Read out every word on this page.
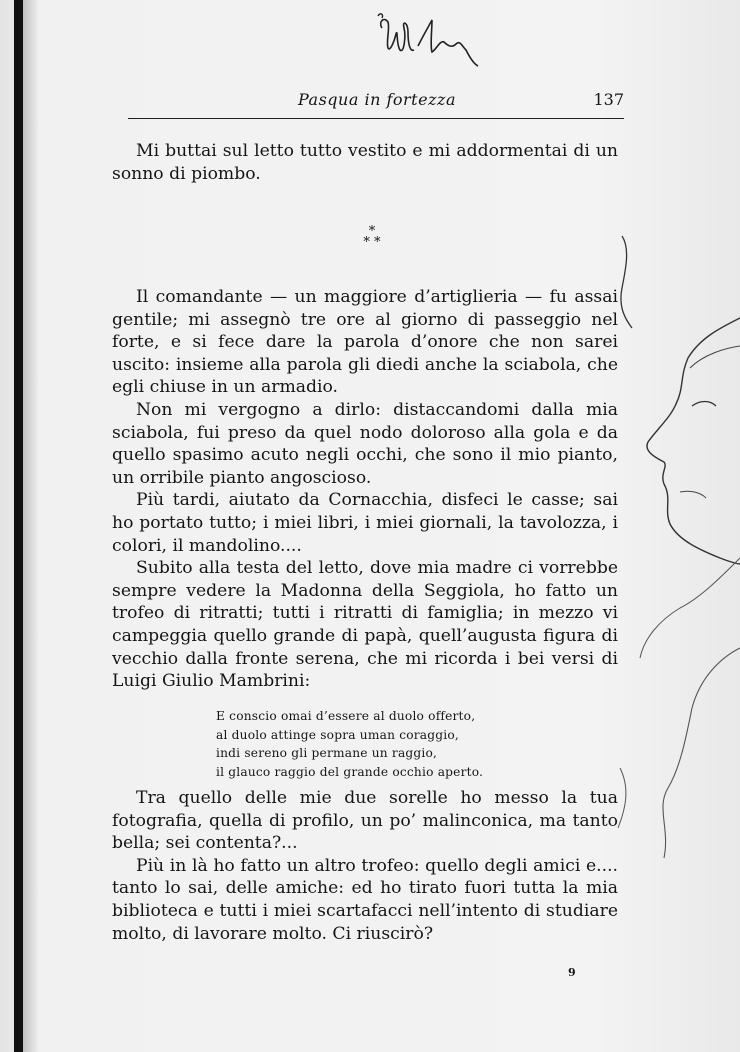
Pasqua in fortezza	137

Mi buttai sul letto tutto vestito e mi addormentai di un sonno di piombo.

*
* *

Il comandante — un maggiore d’artiglieria — fu assai gentile; mi assegnò tre ore al giorno di passeggio nel forte, e si fece dare la parola d’onore che non sarei uscito: insieme alla parola gli diedi anche la sciabola, che egli chiuse in un armadio.

Non mi vergogno a dirlo: distaccandomi dalla mia sciabola, fui preso da quel nodo doloroso alla gola e da quello spasimo acuto negli occhi, che sono il mio pianto, un orribile pianto angoscioso.

Più tardi, aiutato da Cornacchia, disfeci le casse; sai ho portato tutto; i miei libri, i miei giornali, la tavolozza, i colori, il mandolino....

Subito alla testa del letto, dove mia madre ci vorrebbe sempre vedere la Madonna della Seggiola, ho fatto un trofeo di ritratti; tutti i ritratti di famiglia; in mezzo vi campeggia quello grande di papà, quell’augusta figura di vecchio dalla fronte serena, che mi ricorda i bei versi di Luigi Giulio Mambrini:

E conscio omai d’essere al duolo offerto,
al duolo attinge sopra uman coraggio,
indi sereno gli permane un raggio,
il glauco raggio del grande occhio aperto.

Tra quello delle mie due sorelle ho messo la tua fotografia, quella di profilo, un po’ malinconica, ma tanto bella; sei contenta?...

Più in là ho fatto un altro trofeo: quello degli amici e.... tanto lo sai, delle amiche: ed ho tirato fuori tutta la mia biblioteca e tutti i miei scartafacci nell’intento di studiare molto, di lavorare molto. Ci riuscirò?

9
